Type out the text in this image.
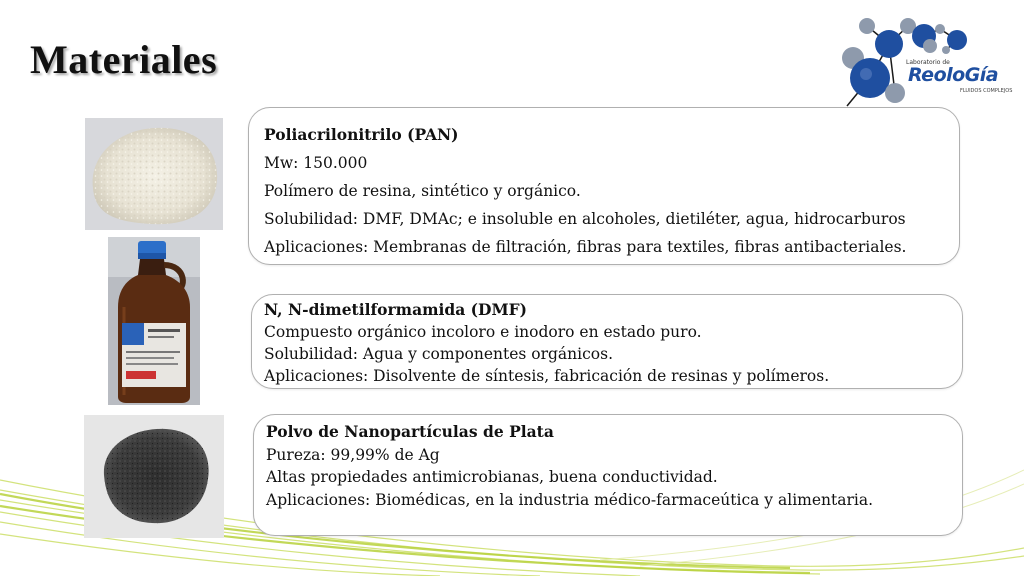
Materiales	Laboratorio de
ReoloGía
FLUIDOS COMPLEJOS
Poliacrilonitrilo (PAN)
Mw: 150.000
Polímero de resina, sintético y orgánico.
Solubilidad: DMF, DMAc; e insoluble en alcoholes, dietiléter, agua, hidrocarburos
Aplicaciones: Membranas de filtración, fibras para textiles, fibras antibacteriales.
N, N-dimetilformamida (DMF)
Compuesto orgánico incoloro e inodoro en estado puro.
Solubilidad: Agua y componentes orgánicos.
Aplicaciones: Disolvente de síntesis, fabricación de resinas y polímeros.
Polvo de Nanopartículas de Plata
Pureza: 99,99% de Ag
Altas propiedades antimicrobianas, buena conductividad.
Aplicaciones: Biomédicas, en la industria médico-farmaceútica y alimentaria.
